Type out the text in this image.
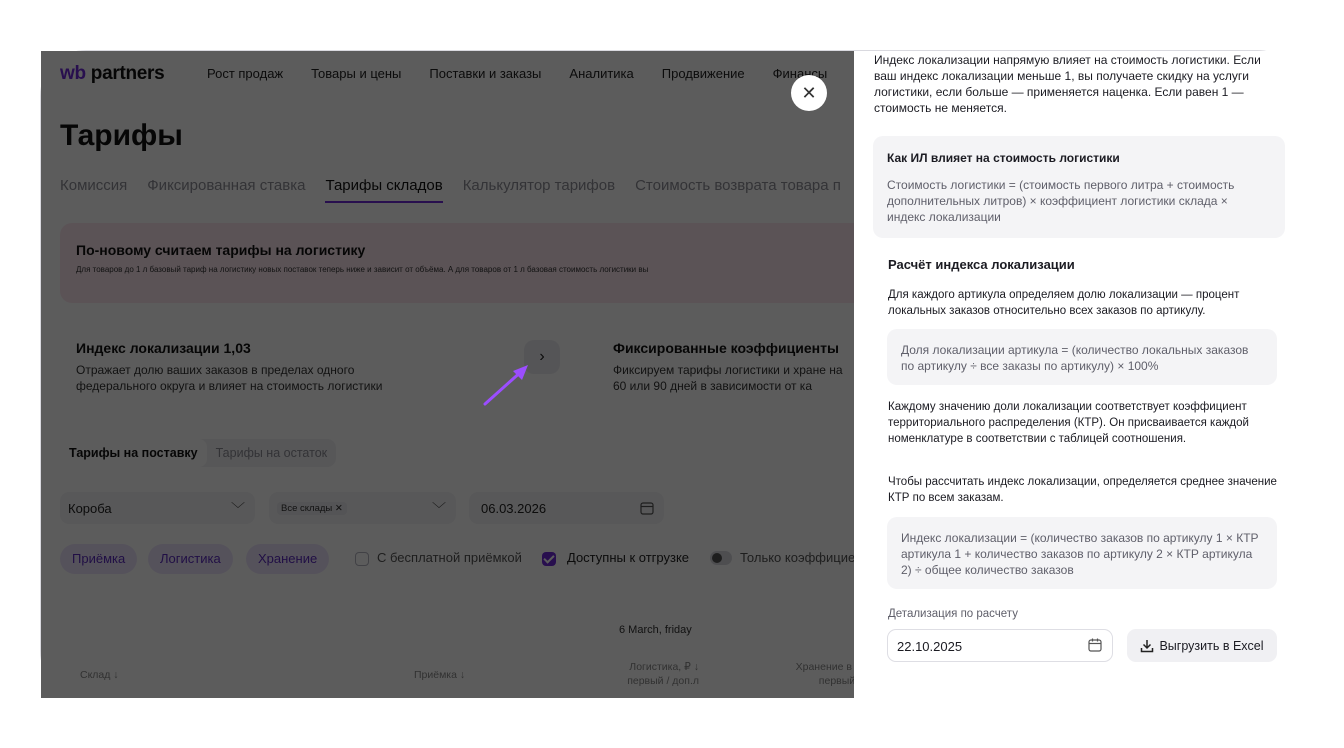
✕
Индекс локализации напрямую влияет на стоимость логистики. Если ваш индекс локализации меньше 1, вы получаете скидку на услуги логистики, если больше — применяется наценка. Если равен 1 — стоимость не меняется.
Как ИЛ влияет на стоимость логистики
Стоимость логистики = (стоимость первого литра + стоимость дополнительных литров) × коэффициент логистики склада × индекс локализации
Расчёт индекса локализации
Для каждого артикула определяем долю локализации — процент локальных заказов относительно всех заказов по артикулу.
Доля локализации артикула = (количество локальных заказов по артикулу ÷ все заказы по артикулу) × 100%
Каждому значению доли локализации соответствует коэффициент территориального распределения (КТР). Он присваивается каждой номенклатуре в соответствии с таблицей соотношения.
Чтобы рассчитать индекс локализации, определяется среднее значение КТР по всем заказам.
Индекс локализации = (количество заказов по артикулу 1 × КТР артикула 1 + количество заказов по артикулу 2 × КТР артикула 2) ÷ общее количество заказов
Детализация по расчету
22.10.2025	Выгрузить в Excel
